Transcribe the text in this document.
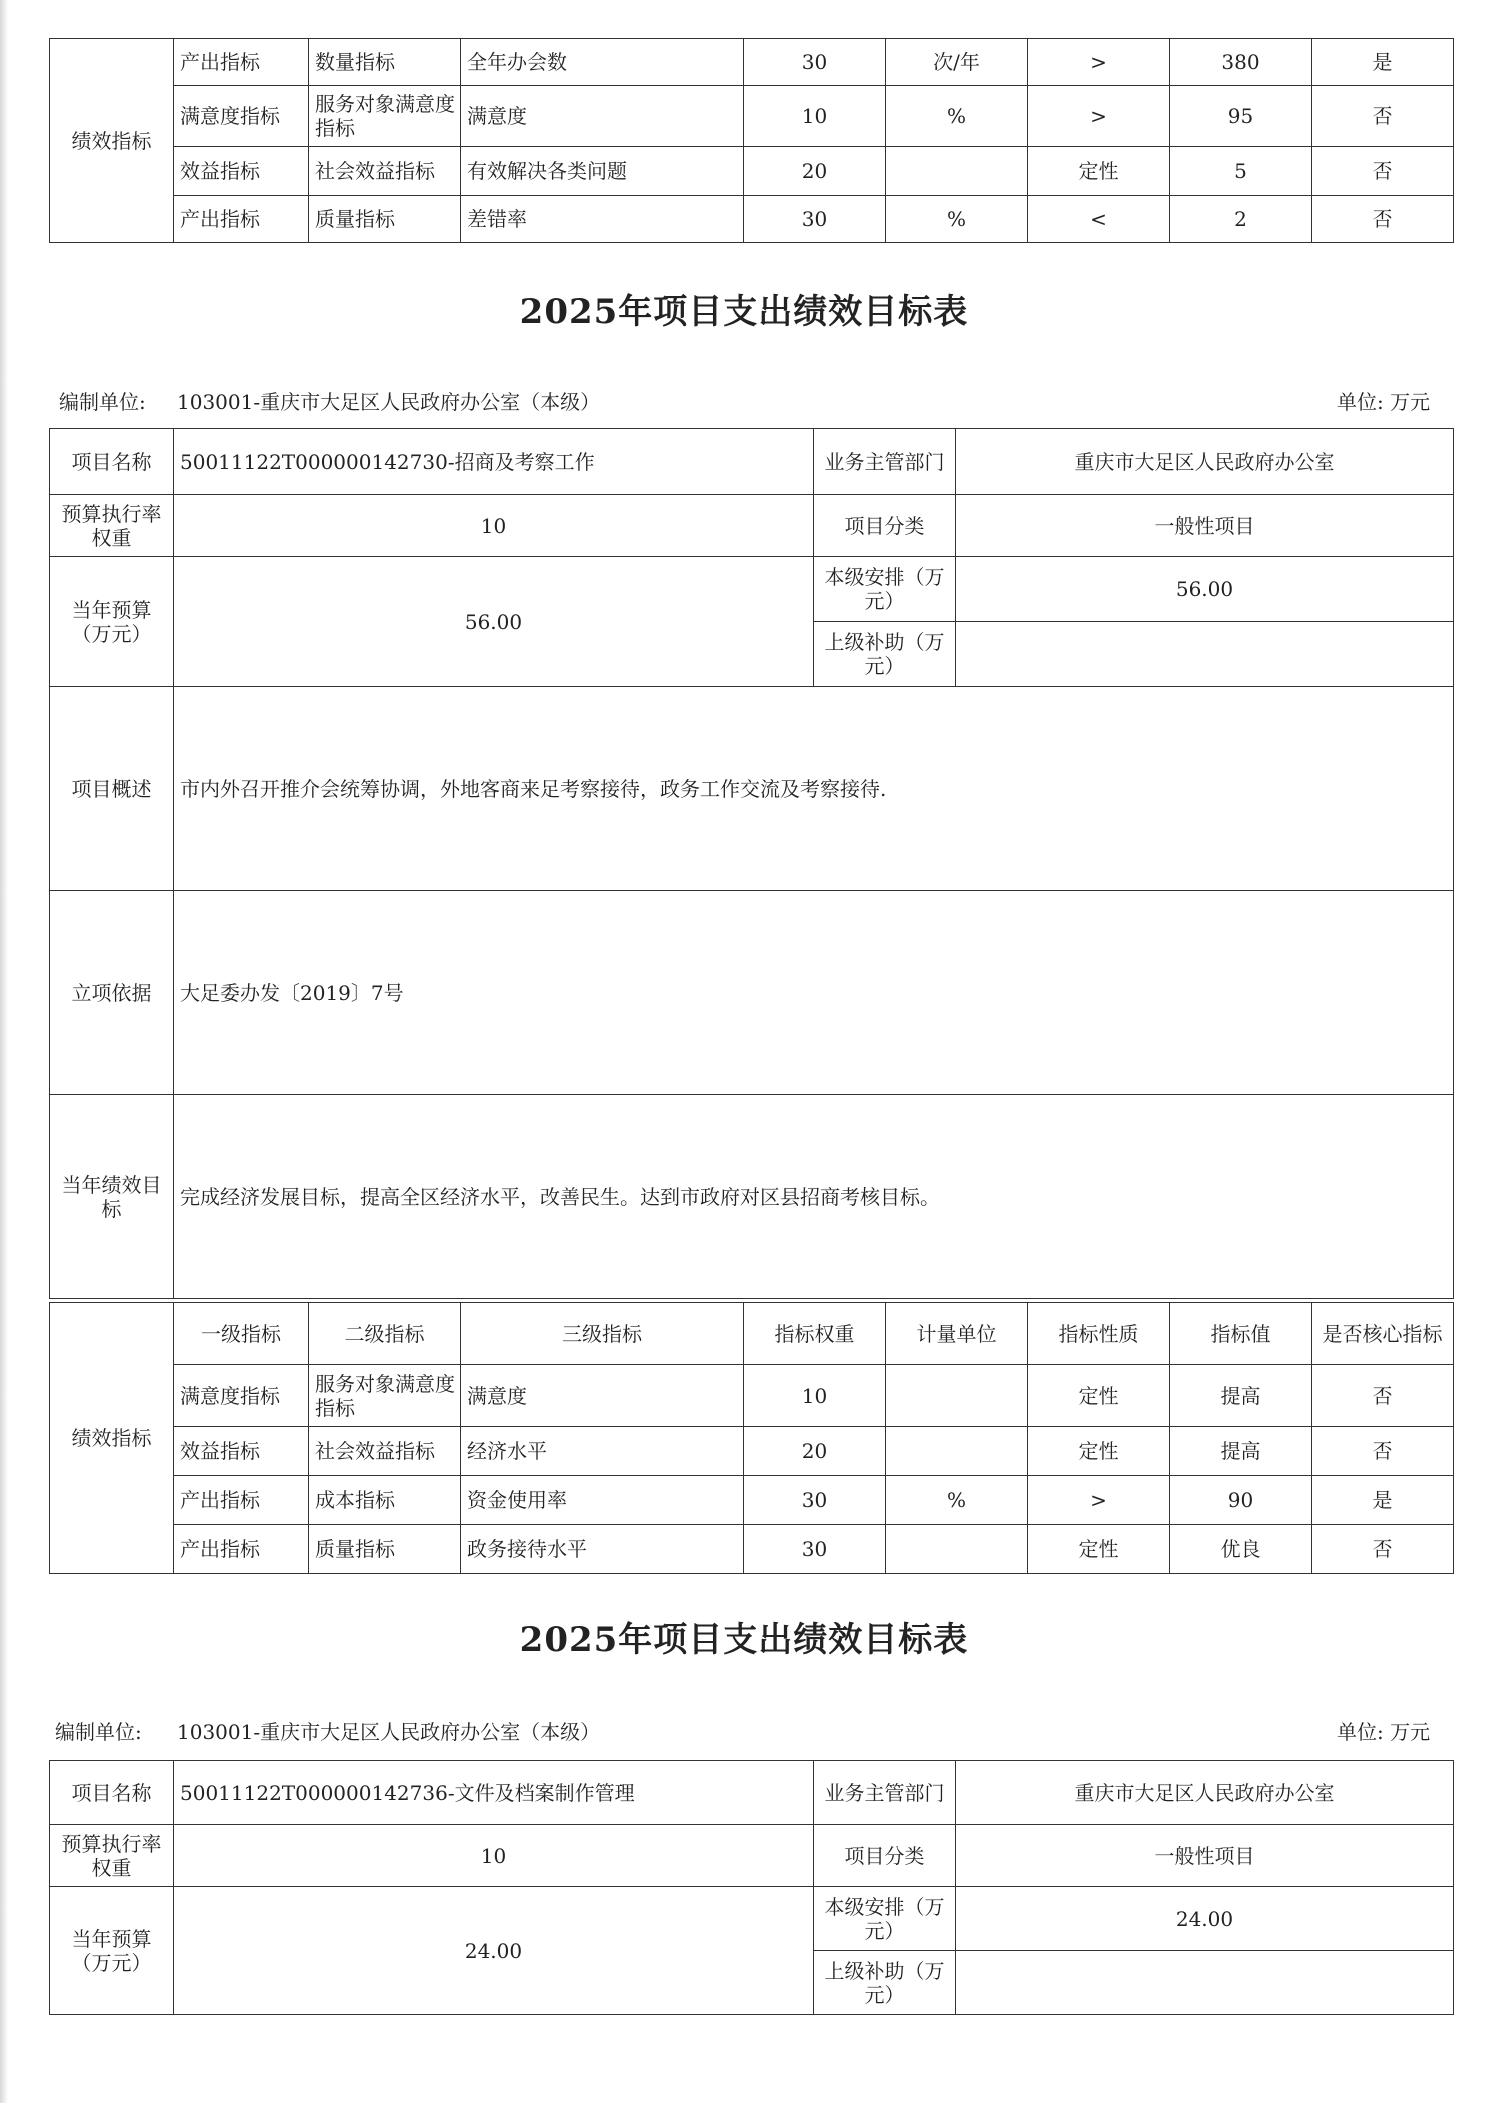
绩效指标	产出指标	数量指标	全年办会数	30	次/年	>	380	是
	满意度指标	服务对象满意度指标	满意度	10	%	>	95	否
	效益指标	社会效益指标	有效解决各类问题	20		定性	5	否
	产出指标	质量指标	差错率	30	%	<	2	否
2025年项目支出绩效目标表
编制单位: 103001-重庆市大足区人民政府办公室（本级）	单位: 万元
项目名称	50011122T000000142730-招商及考察工作	业务主管部门	重庆市大足区人民政府办公室
预算执行率权重	10	项目分类	一般性项目
当年预算（万元）	56.00	本级安排（万元）	56.00
		上级补助（万元）	
项目概述	市内外召开推介会统筹协调，外地客商来足考察接待，政务工作交流及考察接待.		
立项依据	大足委办发〔2019〕7号		
当年绩效目标	完成经济发展目标，提高全区经济水平，改善民生。达到市政府对区县招商考核目标。		
绩效指标	一级指标	二级指标	三级指标	指标权重	计量单位	指标性质	指标值	是否核心指标
	满意度指标	服务对象满意度指标	满意度	10		定性	提高	否
	效益指标	社会效益指标	经济水平	20		定性	提高	否
	产出指标	成本指标	资金使用率	30	%	>	90	是
	产出指标	质量指标	政务接待水平	30		定性	优良	否
2025年项目支出绩效目标表
编制单位: 103001-重庆市大足区人民政府办公室（本级）	单位: 万元
项目名称	50011122T000000142736-文件及档案制作管理	业务主管部门	重庆市大足区人民政府办公室
预算执行率权重	10	项目分类	一般性项目
当年预算（万元）	24.00	本级安排（万元）	24.00
		上级补助（万元）	
